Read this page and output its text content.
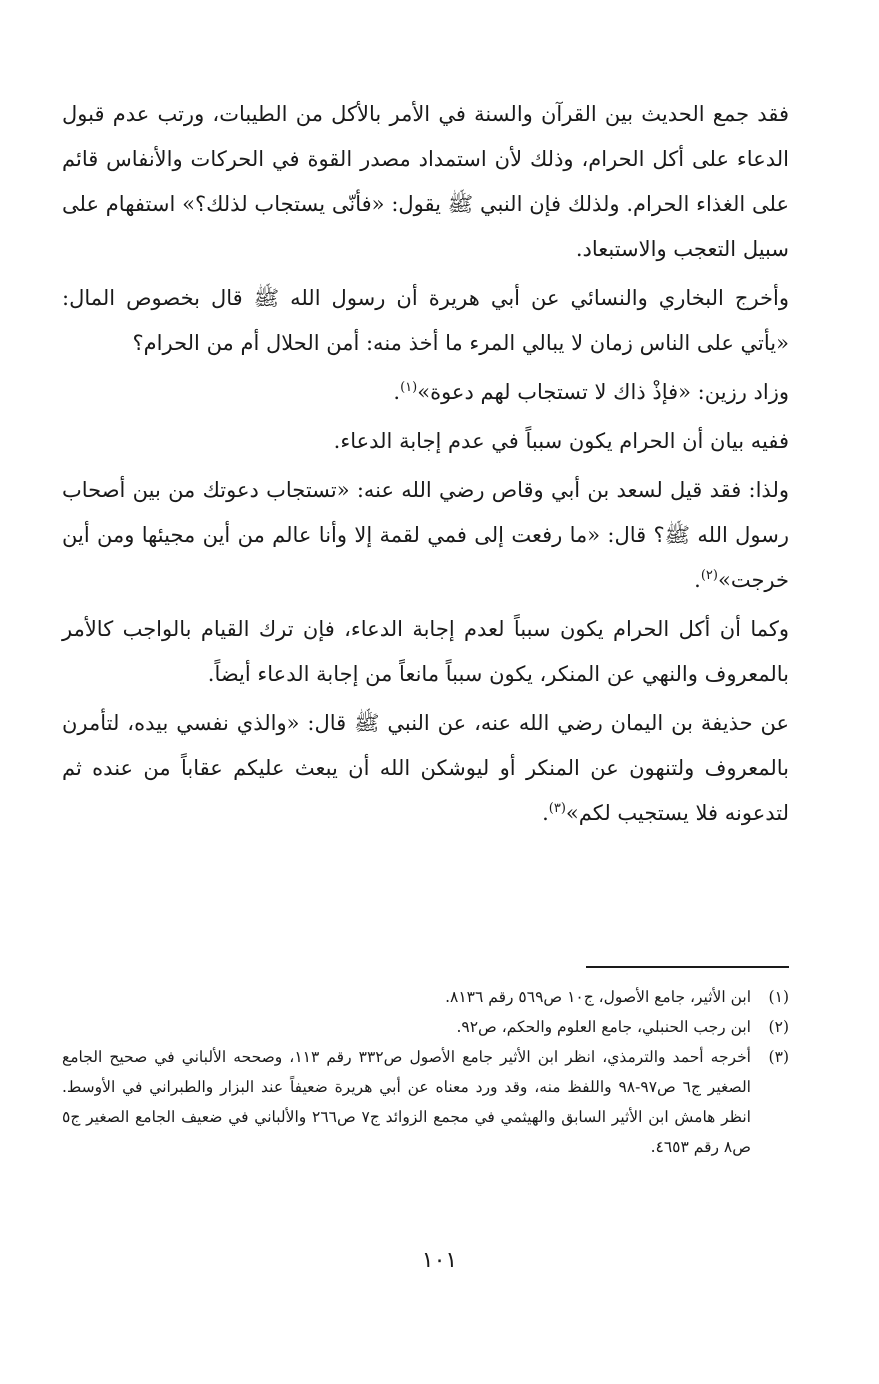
فقد جمع الحديث بين القرآن والسنة في الأمر بالأكل من الطيبات، ورتب عدم قبول الدعاء على أكل الحرام، وذلك لأن استمداد مصدر القوة في الحركات والأنفاس قائم على الغذاء الحرام. ولذلك فإن النبي ﷺ يقول: «فأنّى يستجاب لذلك؟» استفهام على سبيل التعجب والاستبعاد.

وأخرج البخاري والنسائي عن أبي هريرة أن رسول الله ﷺ قال بخصوص المال: «يأتي على الناس زمان لا يبالي المرء ما أخذ منه: أمن الحلال أم من الحرام؟

وزاد رزين: «فإذْ ذاك لا تستجاب لهم دعوة»$^{(١)}$.

ففيه بيان أن الحرام يكون سبباً في عدم إجابة الدعاء.

ولذا: فقد قيل لسعد بن أبي وقاص رضي الله عنه: «تستجاب دعوتك من بين أصحاب رسول الله ﷺ؟ قال: «ما رفعت إلى فمي لقمة إلا وأنا عالم من أين مجيئها ومن أين خرجت»$^{(٢)}$.

وكما أن أكل الحرام يكون سبباً لعدم إجابة الدعاء، فإن ترك القيام بالواجب كالأمر بالمعروف والنهي عن المنكر، يكون سبباً مانعاً من إجابة الدعاء أيضاً.

عن حذيفة بن اليمان رضي الله عنه، عن النبي ﷺ قال: «والذي نفسي بيده، لتأمرن بالمعروف ولتنهون عن المنكر أو ليوشكن الله أن يبعث عليكم عقاباً من عنده ثم لتدعونه فلا يستجيب لكم»$^{(٣)}$.

(١)
ابن الأثير، جامع الأصول، ج١٠ ص٥٦٩ رقم ٨١٣٦.
(٢)
ابن رجب الحنبلي، جامع العلوم والحكم، ص٩٢.
(٣)
أخرجه أحمد والترمذي، انظر ابن الأثير جامع الأصول ص٣٣٢ رقم ١١٣، وصححه الألباني في صحيح الجامع الصغير ج٦ ص٩٧-٩٨ واللفظ منه، وقد ورد معناه عن أبي هريرة ضعيفاً عند البزار والطبراني في الأوسط. انظر هامش ابن الأثير السابق والهيثمي في مجمع الزوائد ج٧ ص٢٦٦ والألباني في ضعيف الجامع الصغير ج٥ ص٨ رقم ٤٦٥٣.
١٠١
